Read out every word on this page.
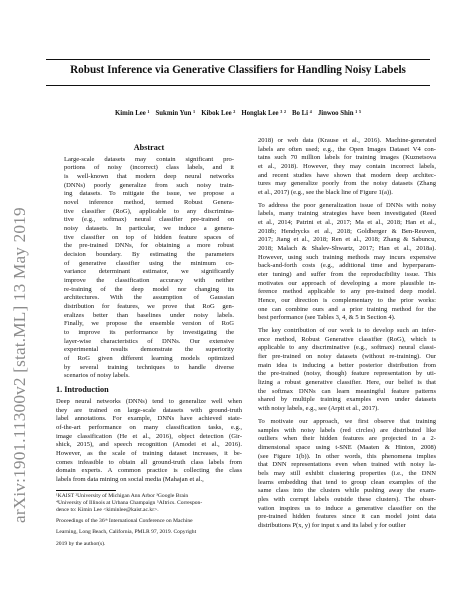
arXiv:1901.11300v2 [stat.ML] 13 May 2019
Robust Inference via Generative Classifiers for Handling Noisy Labels
Kimin Lee ¹ Sukmin Yun ¹ Kibok Lee ² Honglak Lee ³ ² Bo Li ⁴ Jinwoo Shin ¹ ⁵
Abstract
Large-scale datasets may contain significant pro-
portions of noisy (incorrect) class labels, and it
is well-known that modern deep neural networks
(DNNs) poorly generalize from such noisy train-
ing datasets. To mitigate the issue, we propose a
novel inference method, termed Robust Genera-
tive classifier (RoG), applicable to any discrimina-
tive (e.g., softmax) neural classifier pre-trained on
noisy datasets. In particular, we induce a genera-
tive classifier on top of hidden feature spaces of
the pre-trained DNNs, for obtaining a more robust
decision boundary. By estimating the parameters
of generative classifier using the minimum co-
variance determinant estimator, we significantly
improve the classification accuracy with neither
re-training of the deep model nor changing its
architectures. With the assumption of Gaussian
distribution for features, we prove that RoG gen-
eralizes better than baselines under noisy labels.
Finally, we propose the ensemble version of RoG
to improve its performance by investigating the
layer-wise characteristics of DNNs. Our extensive
experimental results demonstrate the superiority
of RoG given different learning models optimized
by several training techniques to handle diverse
scenarios of noisy labels.
1. Introduction
Deep neural networks (DNNs) tend to generalize well when
they are trained on large-scale datasets with ground-truth
label annotations. For example, DNNs have achieved state-
of-the-art performance on many classification tasks, e.g.,
image classification (He et al., 2016), object detection (Gir-
shick, 2015), and speech recognition (Amodei et al., 2016).
However, as the scale of training dataset increases, it be-
comes infeasible to obtain all ground-truth class labels from
domain experts. A common practice is collecting the class
labels from data mining on social media (Mahajan et al.,
¹KAIST ²University of Michigan Ann Arbor ³Google Brain
⁴University of Illinois at Urbana Champaign ⁵AItrics. Correspon-
dence to: Kimin Lee <kiminlee@kaist.ac.kr>.
Proceedings of the 36ᵗʰ International Conference on Machine
Learning, Long Beach, California, PMLR 97, 2019. Copyright
2019 by the author(s).
2018) or web data (Krause et al., 2016). Machine-generated
labels are often used; e.g., the Open Images Dataset V4 con-
tains such 70 million labels for training images (Kuznetsova
et al., 2018). However, they may contain incorrect labels,
and recent studies have shown that modern deep architec-
tures may generalize poorly from the noisy datasets (Zhang
et al., 2017) (e.g., see the black line of Figure 1(a)).
To address the poor generalization issue of DNNs with noisy
labels, many training strategies have been investigated (Reed
et al., 2014; Patrini et al., 2017; Ma et al., 2018; Han et al.,
2018b; Hendrycks et al., 2018; Goldberger & Ben-Reuven,
2017; Jiang et al., 2018; Ren et al., 2018; Zhang & Sabuncu,
2018; Malach & Shalev-Shwartz, 2017; Han et al., 2018a).
However, using such training methods may incurs expensive
back-and-forth costs (e.g., additional time and hyperparam-
eter tuning) and suffer from the reproducibility issue. This
motivates our approach of developing a more plausible in-
ference method applicable to any pre-trained deep model.
Hence, our direction is complementary to the prior works:
one can combine ours and a prior training method for the
best performance (see Tables 3, 4, & 5 in Section 4).
The key contribution of our work is to develop such an infer-
ence method, Robust Generative classifier (RoG), which is
applicable to any discriminative (e.g., softmax) neural classi-
fier pre-trained on noisy datasets (without re-training). Our
main idea is inducing a better posterior distribution from
the pre-trained (noisy, though) feature representation by uti-
lizing a robust generative classifier. Here, our belief is that
the softmax DNNs can learn meaningful feature patterns
shared by multiple training examples even under datasets
with noisy labels, e.g., see (Arpit et al., 2017).
To motivate our approach, we first observe that training
samples with noisy labels (red circles) are distributed like
outliers when their hidden features are projected in a 2-
dimensional space using t-SNE (Maaten & Hinton, 2008)
(see Figure 1(b)). In other words, this phenomena implies
that DNN representations even when trained with noisy la-
bels may still exhibit clustering properties (i.e., the DNN
learns embedding that tend to group clean examples of the
same class into the clusters while pushing away the exam-
ples with corrupt labels outside these clusters). The obser-
vation inspires us to induce a generative classifier on the
pre-trained hidden features since it can model joint data
distributions P(x, y) for input x and its label y for outlier
